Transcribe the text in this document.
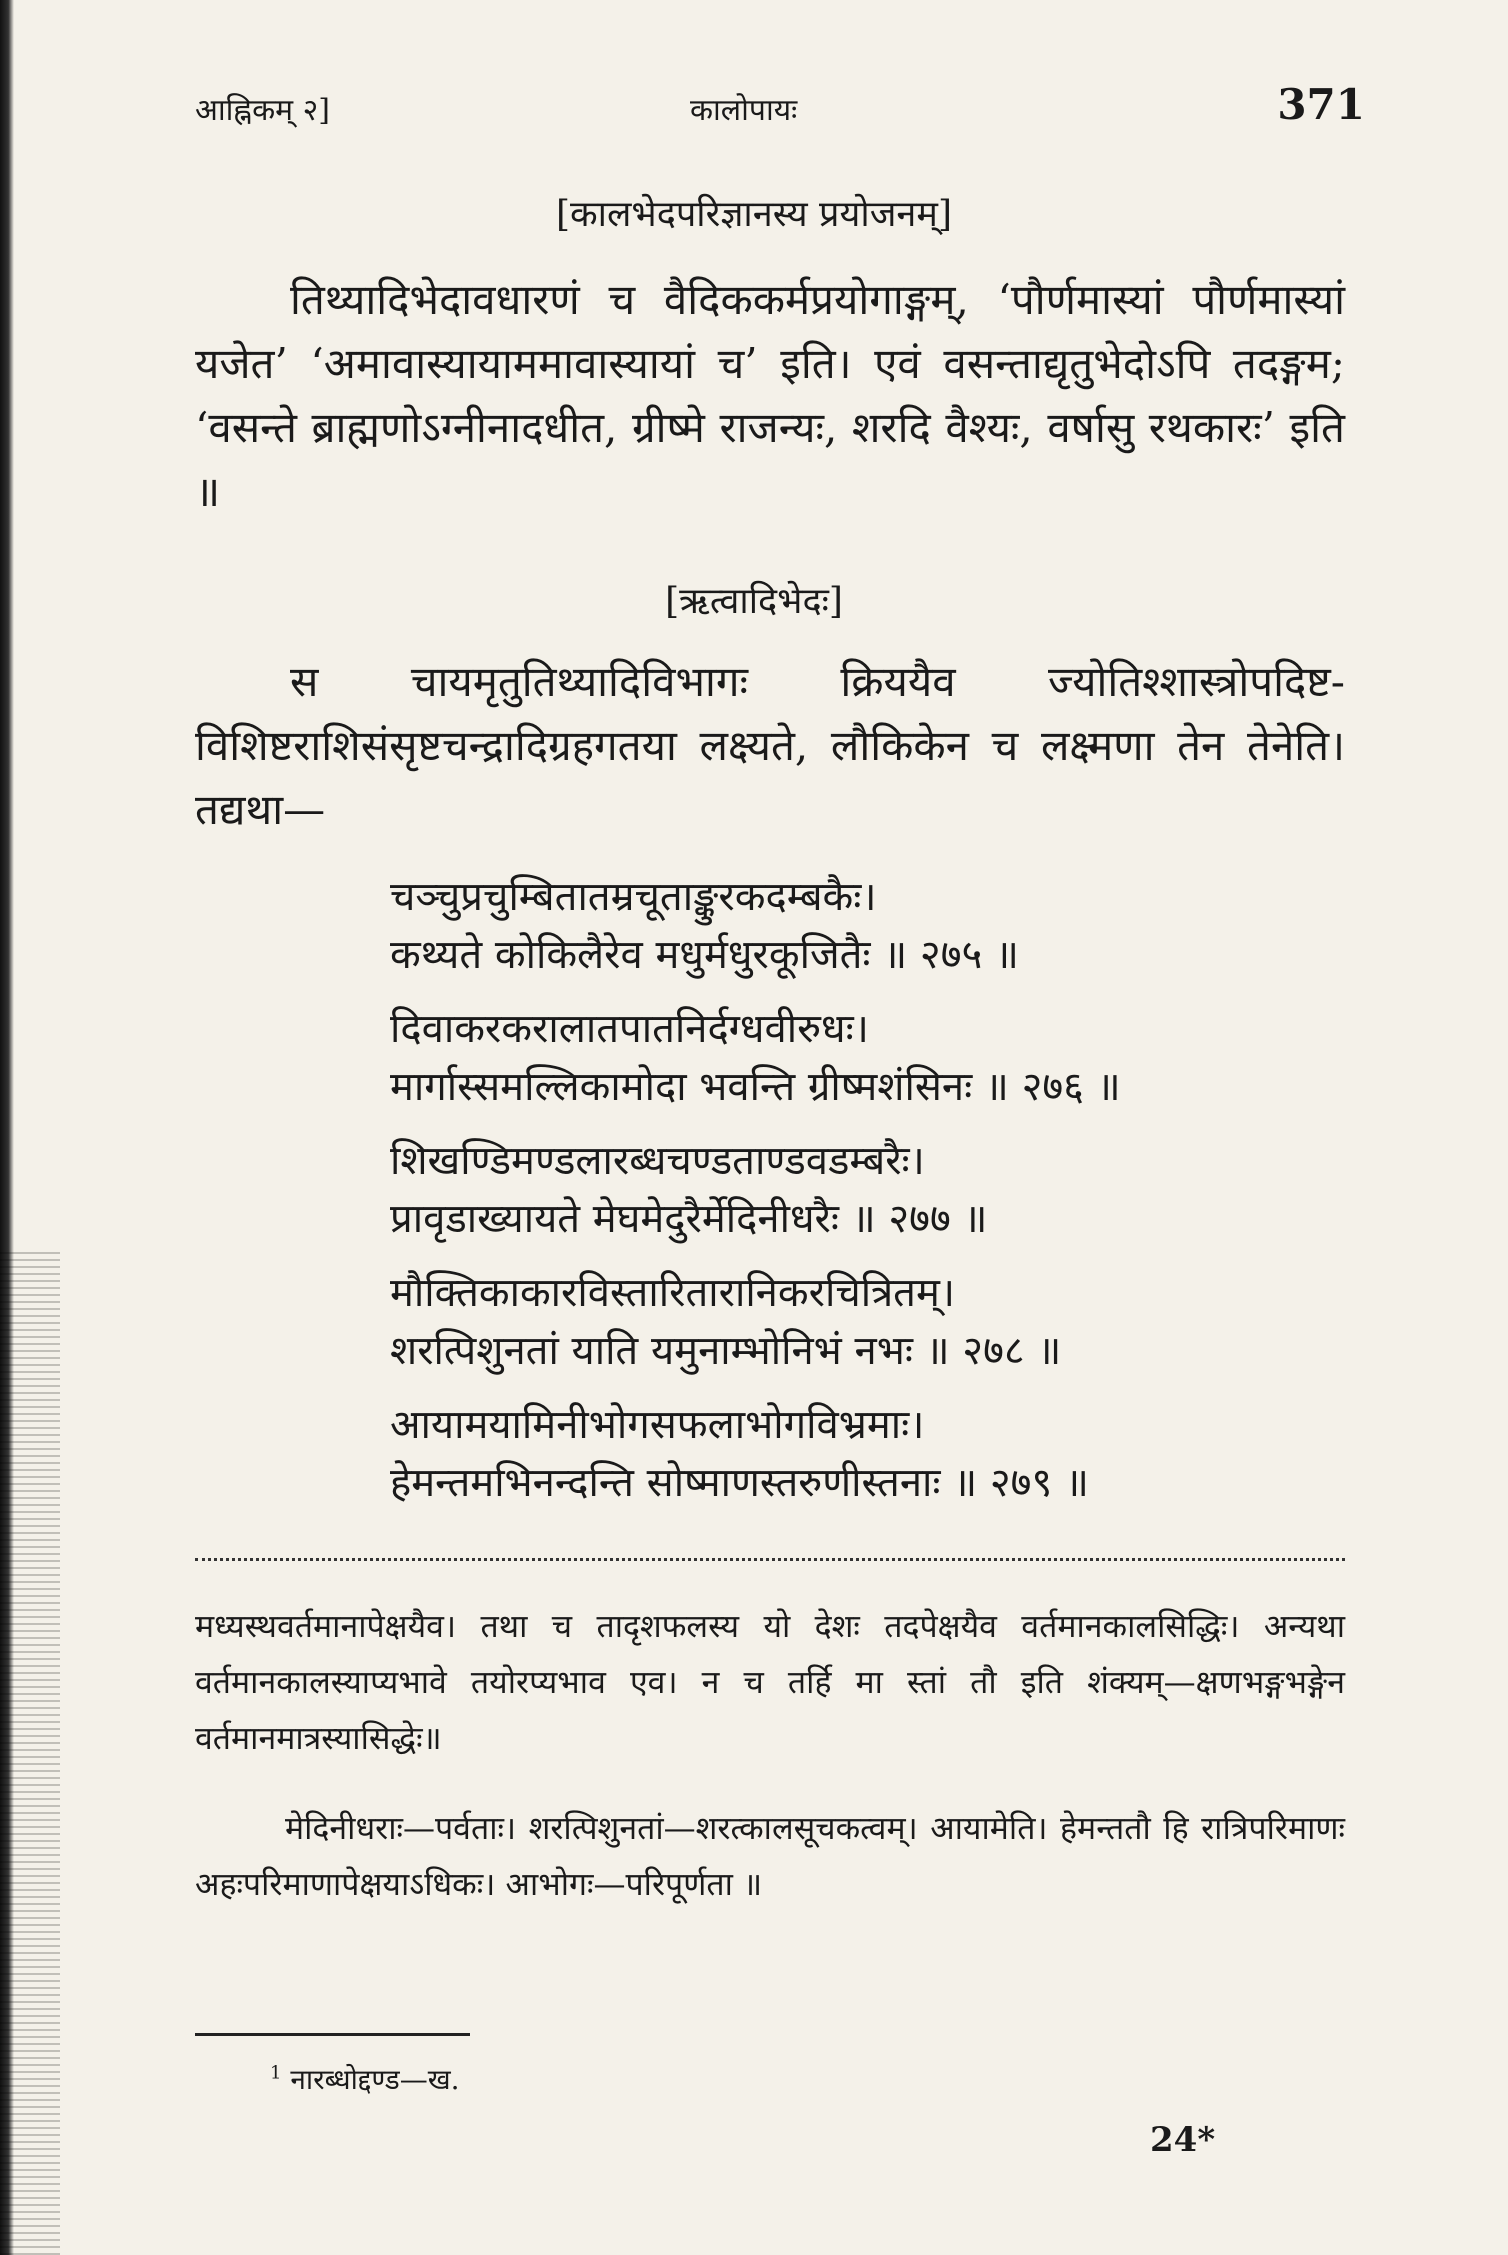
आह्निकम् २]	कालोपायः	371
[कालभेदपरिज्ञानस्य प्रयोजनम्]

तिथ्यादिभेदावधारणं च वैदिककर्मप्रयोगाङ्गम्, ‘पौर्णमास्यां पौर्णमास्यां यजेत’ ‘अमावास्यायाममावास्यायां च’ इति। एवं वसन्ताद्यृतुभेदोऽपि तदङ्गम; ‘वसन्ते ब्राह्मणोऽग्नीनादधीत, ग्रीष्मे राजन्यः, शरदि वैश्यः, वर्षासु रथकारः’ इति ॥

[ऋत्वादिभेदः]

स चायमृतुतिथ्यादिविभागः क्रिययैव ज्योतिश्शास्त्रोपदिष्ट-विशिष्टराशिसंसृष्टचन्द्रादिग्रहगतया लक्ष्यते, लौकिकेन च लक्ष्मणा तेन तेनेति। तद्यथा—

चञ्चुप्रचुम्बितातम्रचूताङ्कुरकदम्बकैः।
कथ्यते कोकिलैरेव मधुर्मधुरकूजितैः ॥ २७५ ॥
दिवाकरकरालातपातनिर्दग्धवीरुधः।
मार्गास्समल्लिकामोदा भवन्ति ग्रीष्मशंसिनः ॥ २७६ ॥
शिखण्डिमण्डलारब्धचण्डताण्डवडम्बरैः।
प्रावृडाख्यायते मेघमेदुरैर्मेदिनीधरैः ॥ २७७ ॥
मौक्तिकाकारविस्तारितारानिकरचित्रितम्।
शरत्पिशुनतां याति यमुनाम्भोनिभं नभः ॥ २७८ ॥
आयामयामिनीभोगसफलाभोगविभ्रमाः।
हेमन्तमभिनन्दन्ति सोष्माणस्तरुणीस्तनाः ॥ २७९ ॥

मध्यस्थवर्तमानापेक्षयैव। तथा च तादृशफलस्य यो देशः तदपेक्षयैव वर्तमानकालसिद्धिः। अन्यथा वर्तमानकालस्याप्यभावे तयोरप्यभाव एव। न च तर्हि मा स्तां तौ इति शंक्यम्—क्षणभङ्गभङ्गेन वर्तमानमात्रस्यासिद्धेः॥

मेदिनीधराः—पर्वताः। शरत्पिशुनतां—शरत्कालसूचकत्वम्। आयामेति। हेमन्ततौ हि रात्रिपरिमाणः अहःपरिमाणापेक्षयाऽधिकः। आभोगः—परिपूर्णता ॥

$^1$ नारब्धोद्दण्ड—ख.
24*
